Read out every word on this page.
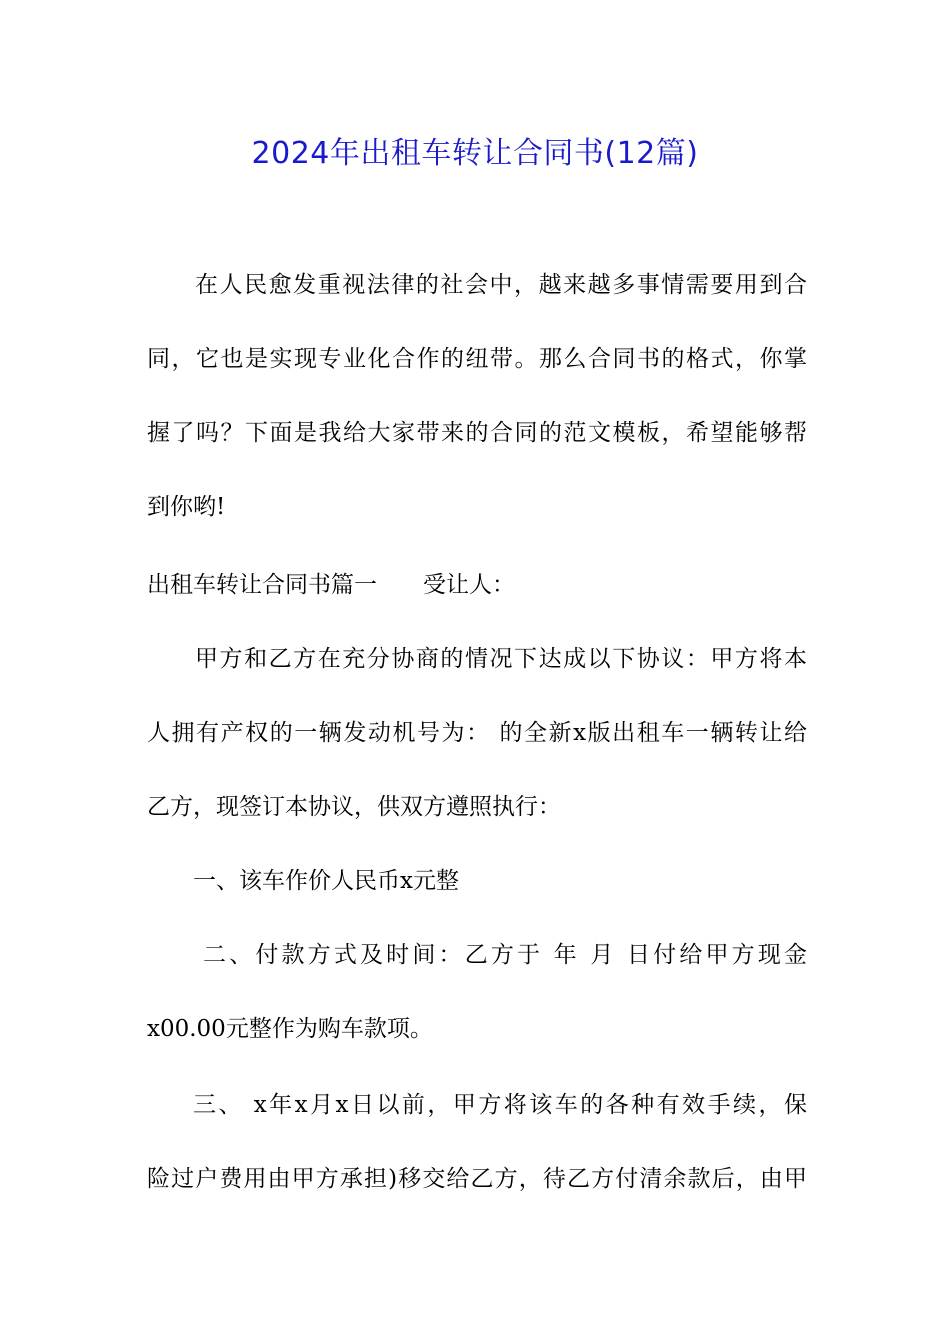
2024年出租车转让合同书(12篇)
在人民愈发重视法律的社会中，越来越多事情需要用到合
同，它也是实现专业化合作的纽带。那么合同书的格式，你掌
握了吗？下面是我给大家带来的合同的范文模板，希望能够帮
到你哟!
出租车转让合同书篇一　　受让人：
甲方和乙方在充分协商的情况下达成以下协议：甲方将本
人拥有产权的一辆发动机号为： 的全新x版出租车一辆转让给
乙方，现签订本协议，供双方遵照执行：
一、该车作价人民币x元整
二、付款方式及时间：乙方于 年 月 日付给甲方现金
x00.00元整作为购车款项。
三、 x年x月x日以前，甲方将该车的各种有效手续，保
险过户费用由甲方承担)移交给乙方，待乙方付清余款后，由甲
